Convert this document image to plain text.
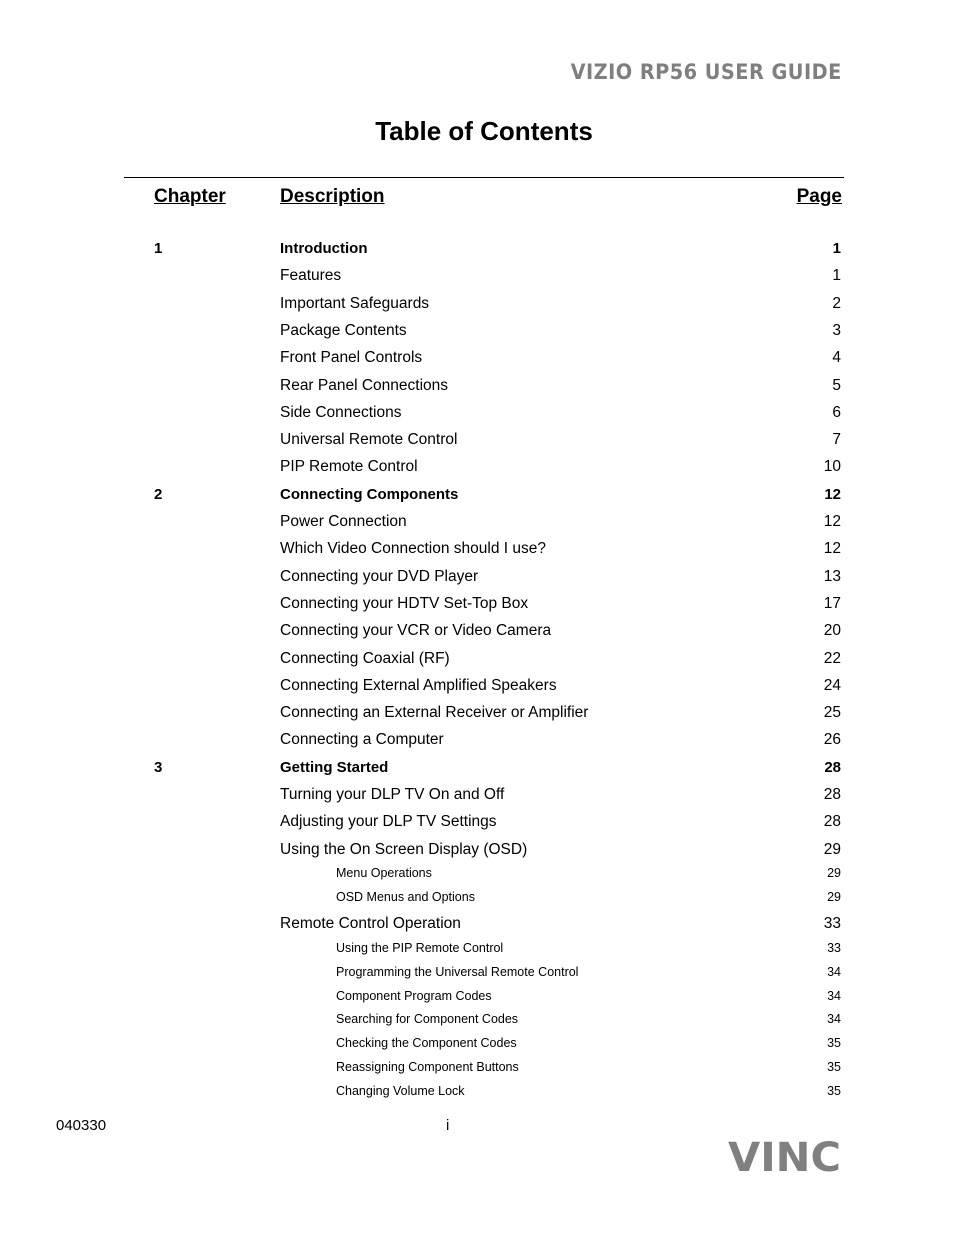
VIZIO RP56 USER GUIDE
Table of Contents
Chapter	Description	Page
1	Introduction	1
Features	1
Important Safeguards	2
Package Contents	3
Front Panel Controls	4
Rear Panel Connections	5
Side Connections	6
Universal Remote Control	7
PIP Remote Control	10
2	Connecting Components	12
Power Connection	12
Which Video Connection should I use?	12
Connecting your DVD Player	13
Connecting your HDTV Set-Top Box	17
Connecting your VCR or Video Camera	20
Connecting Coaxial (RF)	22
Connecting External Amplified Speakers	24
Connecting an External Receiver or Amplifier	25
Connecting a Computer	26
3	Getting Started	28
Turning your DLP TV On and Off	28
Adjusting your DLP TV Settings	28
Using the On Screen Display (OSD)	29
Menu Operations	29
OSD Menus and Options	29
Remote Control Operation	33
Using the PIP Remote Control	33
Programming the Universal Remote Control	34
Component Program Codes	34
Searching for Component Codes	34
Checking the Component Codes	35
Reassigning Component Buttons	35
Changing Volume Lock	35
040330	i
VINC
